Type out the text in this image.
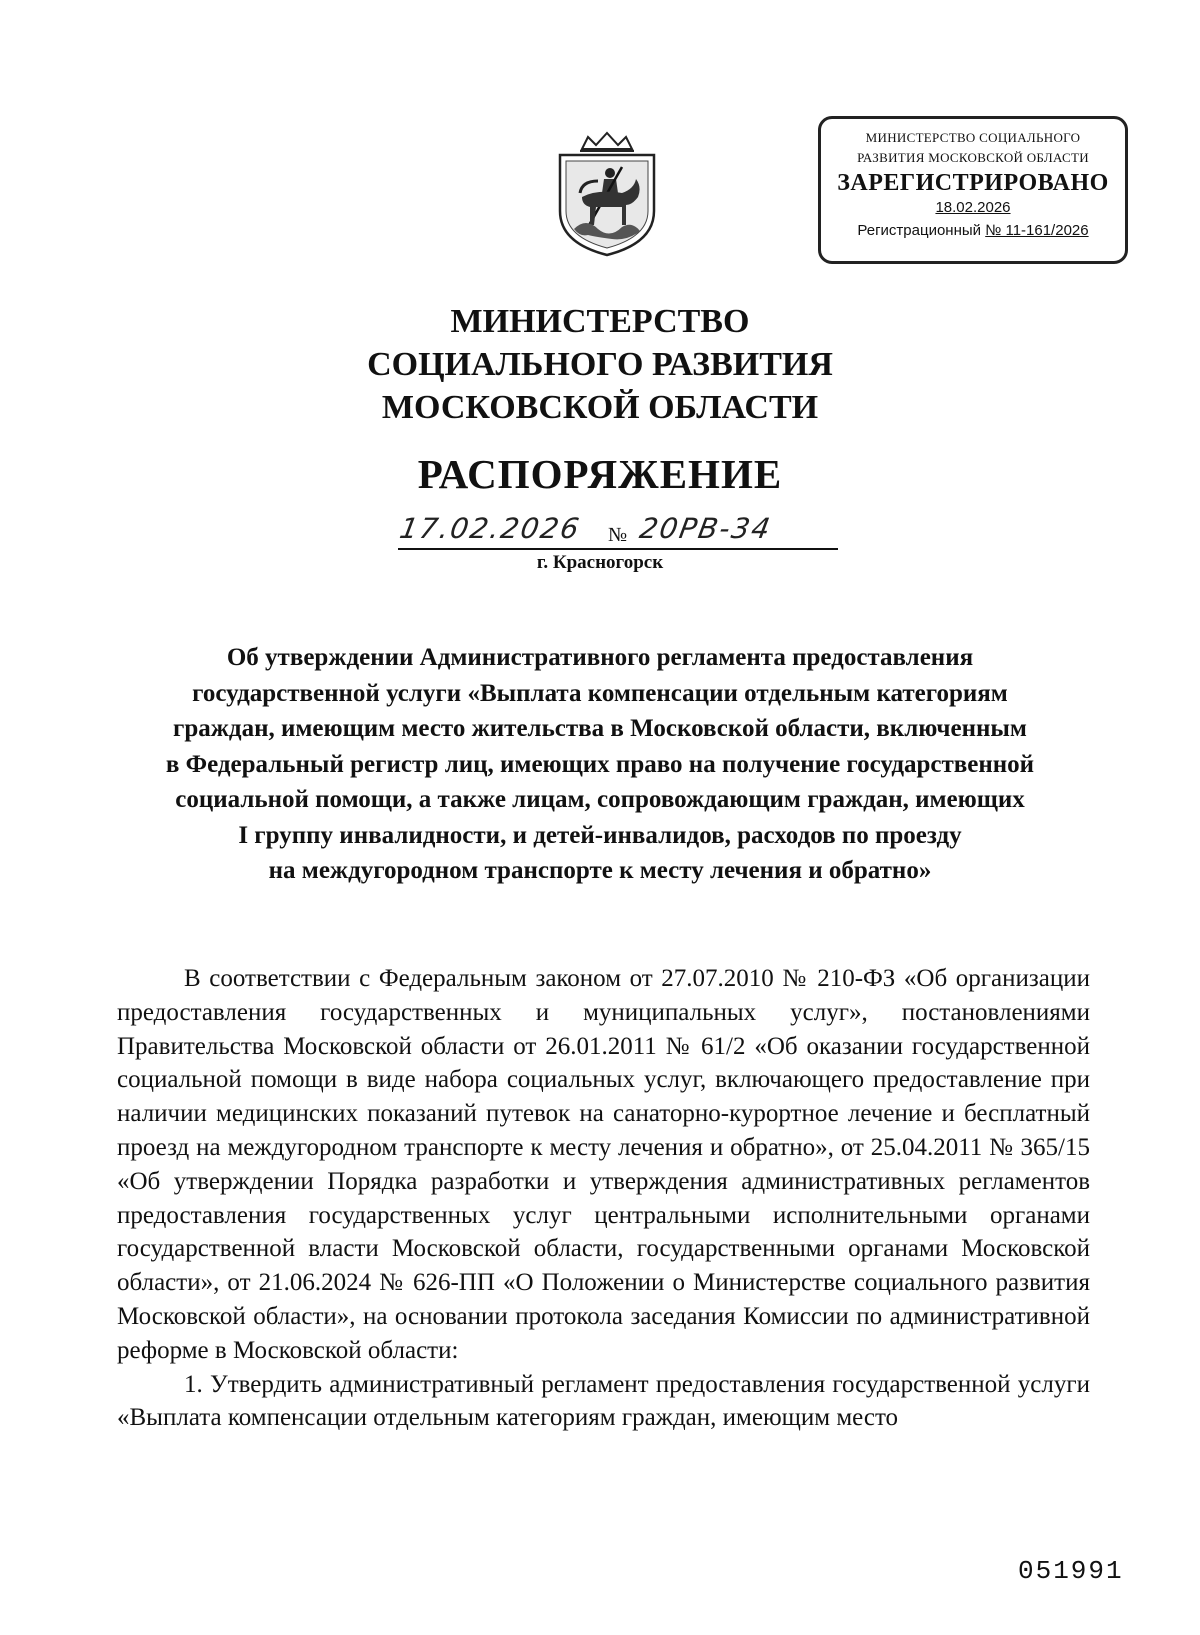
МИНИСТЕРСТВО СОЦИАЛЬНОГО
РАЗВИТИЯ МОСКОВСКОЙ ОБЛАСТИ
ЗАРЕГИСТРИРОВАНО
18.02.2026
Регистрационный № 11-161/2026
МИНИСТЕРСТВО
СОЦИАЛЬНОГО РАЗВИТИЯ
МОСКОВСКОЙ ОБЛАСТИ
РАСПОРЯЖЕНИЕ
17.02.2026 № 20РВ-34
г. Красногорск
Об утверждении Административного регламента предоставления
государственной услуги «Выплата компенсации отдельным категориям
граждан, имеющим место жительства в Московской области, включенным
в Федеральный регистр лиц, имеющих право на получение государственной
социальной помощи, а также лицам, сопровождающим граждан, имеющих
I группу инвалидности, и детей-инвалидов, расходов по проезду
на междугородном транспорте к месту лечения и обратно»

В соответствии с Федеральным законом от 27.07.2010 № 210-ФЗ «Об организации предоставления государственных и муниципальных услуг», постановлениями Правительства Московской области от 26.01.2011 № 61/2 «Об оказании государственной социальной помощи в виде набора социальных услуг, включающего предоставление при наличии медицинских показаний путевок на санаторно-курортное лечение и бесплатный проезд на междугородном транспорте к месту лечения и обратно», от 25.04.2011 № 365/15 «Об утверждении Порядка разработки и утверждения административных регламентов предоставления государственных услуг центральными исполнительными органами государственной власти Московской области, государственными органами Московской области», от 21.06.2024 № 626-ПП «О Положении о Министерстве социального развития Московской области», на основании протокола заседания Комиссии по административной реформе в Московской области:

1. Утвердить административный регламент предоставления государственной услуги «Выплата компенсации отдельным категориям граждан, имеющим место

051991
